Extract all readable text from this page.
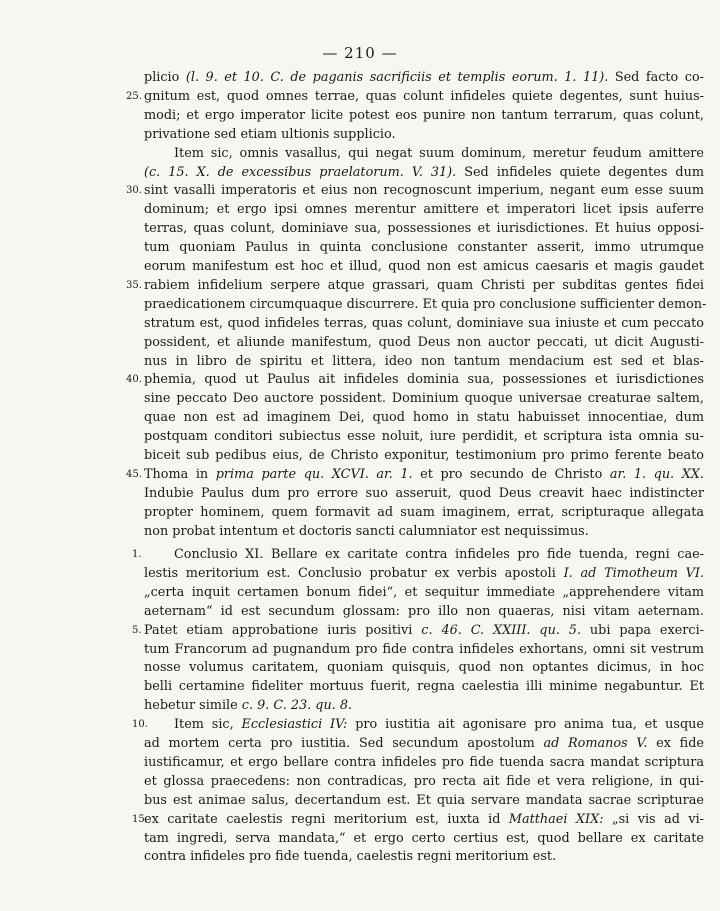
— 210 —
plicio (l. 9. et 10. C. de paganis sacrificiis et templis eorum. 1. 11). Sed facto co-
25. gnitum est, quod omnes terrae, quas colunt infideles quiete degentes, sunt huius-
modi; et ergo imperator licite potest eos punire non tantum terrarum, quas colunt,
privatione sed etiam ultionis supplicio.
Item sic, omnis vasallus, qui negat suum dominum, meretur feudum amittere
(c. 15. X. de excessibus praelatorum. V. 31). Sed infideles quiete degentes dum
30. sint vasalli imperatoris et eius non recognoscunt imperium, negant eum esse suum
dominum; et ergo ipsi omnes merentur amittere et imperatori licet ipsis auferre
terras, quas colunt, dominiave sua, possessiones et iurisdictiones. Et huius opposi-
tum quoniam Paulus in quinta conclusione constanter asserit, immo utrumque
eorum manifestum est hoc et illud, quod non est amicus caesaris et magis gaudet
35. rabiem infidelium serpere atque grassari, quam Christi per subditas gentes fidei
praedicationem circumquaque discurrere. Et quia pro conclusione sufficienter demon-
stratum est, quod infideles terras, quas colunt, dominiave sua iniuste et cum peccato
possident, et aliunde manifestum, quod Deus non auctor peccati, ut dicit Augusti-
nus in libro de spiritu et littera, ideo non tantum mendacium est sed et blas-
40. phemia, quod ut Paulus ait infideles dominia sua, possessiones et iurisdictiones
sine peccato Deo auctore possident. Dominium quoque universae creaturae saltem,
quae non est ad imaginem Dei, quod homo in statu habuisset innocentiae, dum
postquam conditori subiectus esse noluit, iure perdidit, et scriptura ista omnia su-
biceit sub pedibus eius, de Christo exponitur, testimonium pro primo ferente beato
45. Thoma in prima parte qu. XCVI. ar. 1. et pro secundo de Christo ar. 1. qu. XX.
Indubie Paulus dum pro errore suo asseruit, quod Deus creavit haec indistincter
propter hominem, quem formavit ad suam imaginem, errat, scripturaque allegata
non probat intentum et doctoris sancti calumniator est nequissimus.
1.	Conclusio XI. Bellare ex caritate contra infideles pro fide tuenda, regni cae-
lestis meritorium est. Conclusio probatur ex verbis apostoli I. ad Timotheum VI.
„certa inquit certamen bonum fidei“, et sequitur immediate „apprehendere vitam
aeternam“ id est secundum glossam: pro illo non quaeras, nisi vitam aeternam.
5. Patet etiam approbatione iuris positivi c. 46. C. XXIII. qu. 5. ubi papa exerci-
tum Francorum ad pugnandum pro fide contra infideles exhortans, omni sit vestrum
nosse volumus caritatem, quoniam quisquis, quod non optantes dicimus, in hoc
belli certamine fideliter mortuus fuerit, regna caelestia illi minime negabuntur. Et
hebetur simile c. 9. C. 23. qu. 8.
10.	Item sic, Ecclesiastici IV: pro iustitia ait agonisare pro anima tua, et usque
ad mortem certa pro iustitia. Sed secundum apostolum ad Romanos V. ex fide
iustificamur, et ergo bellare contra infideles pro fide tuenda sacra mandat scriptura
et glossa praecedens: non contradicas, pro recta ait fide et vera religione, in qui-
bus est animae salus, decertandum est. Et quia servare mandata sacrae scripturae
15.
ex caritate caelestis regni meritorium est, iuxta id Matthaei XIX: „si vis ad vi-
tam ingredi, serva mandata,“ et ergo certo certius est, quod bellare ex caritate
contra infideles pro fide tuenda, caelestis regni meritorium est.
